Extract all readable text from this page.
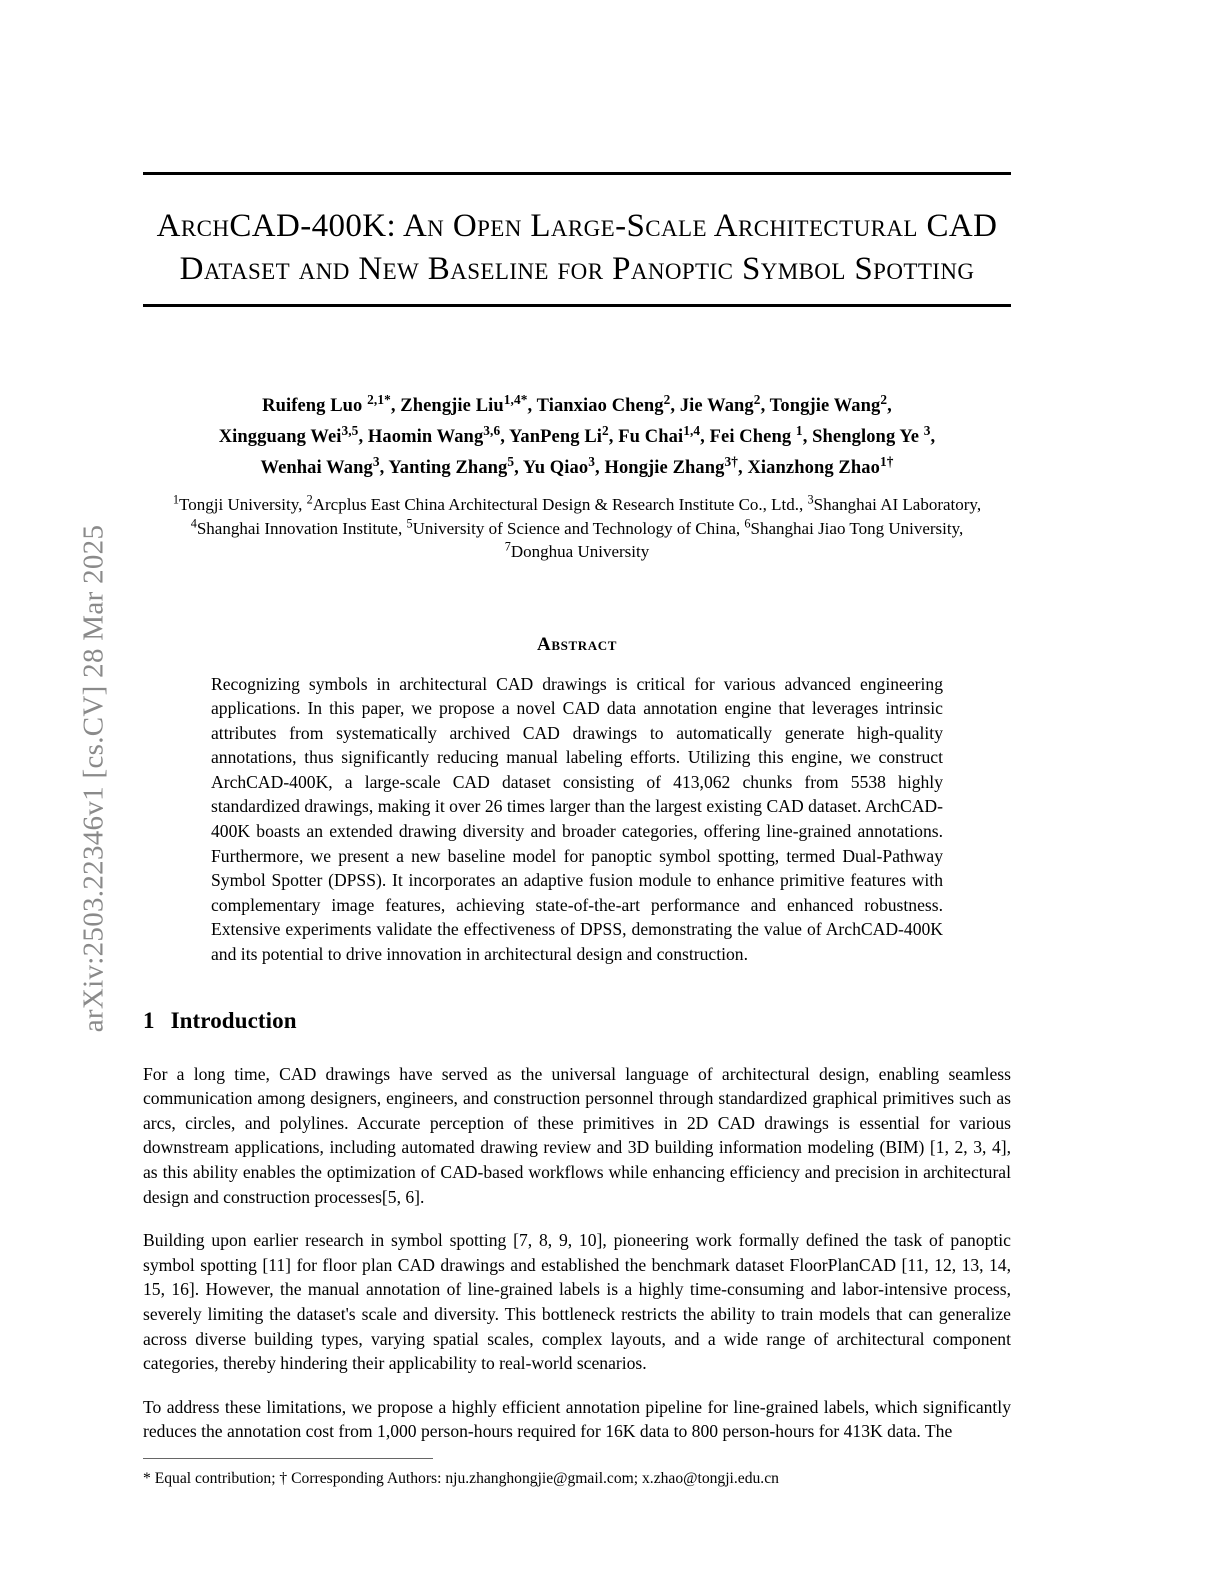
arXiv:2503.22346v1 [cs.CV] 28 Mar 2025
ArchCAD-400K: An Open Large-Scale Architectural CAD Dataset and New Baseline for Panoptic Symbol Spotting
Ruifeng Luo $^{2,1*}$, Zhengjie Liu$^{1,4*}$, Tianxiao Cheng$^2$, Jie Wang$^2$, Tongjie Wang$^2$,
Xingguang Wei$^{3,5}$, Haomin Wang$^{3,6}$, YanPeng Li$^2$, Fu Chai$^{1,4}$, Fei Cheng $^1$, Shenglong Ye $^3$,
Wenhai Wang$^3$, Yanting Zhang$^5$, Yu Qiao$^3$, Hongjie Zhang$^{3\dagger}$, Xianzhong Zhao$^{1\dagger}$
$^1$Tongji University, $^2$Arcplus East China Architectural Design & Research Institute Co., Ltd., $^3$Shanghai AI Laboratory,
$^4$Shanghai Innovation Institute, $^5$University of Science and Technology of China, $^6$Shanghai Jiao Tong University,
$^7$Donghua University
Abstract
Recognizing symbols in architectural CAD drawings is critical for various advanced engineering applications. In this paper, we propose a novel CAD data annotation engine that leverages intrinsic attributes from systematically archived CAD drawings to automatically generate high-quality annotations, thus significantly reducing manual labeling efforts. Utilizing this engine, we construct ArchCAD-400K, a large-scale CAD dataset consisting of 413,062 chunks from 5538 highly standardized drawings, making it over 26 times larger than the largest existing CAD dataset. ArchCAD-400K boasts an extended drawing diversity and broader categories, offering line-grained annotations. Furthermore, we present a new baseline model for panoptic symbol spotting, termed Dual-Pathway Symbol Spotter (DPSS). It incorporates an adaptive fusion module to enhance primitive features with complementary image features, achieving state-of-the-art performance and enhanced robustness. Extensive experiments validate the effectiveness of DPSS, demonstrating the value of ArchCAD-400K and its potential to drive innovation in architectural design and construction.
1 Introduction
For a long time, CAD drawings have served as the universal language of architectural design, enabling seamless communication among designers, engineers, and construction personnel through standardized graphical primitives such as arcs, circles, and polylines. Accurate perception of these primitives in 2D CAD drawings is essential for various downstream applications, including automated drawing review and 3D building information modeling (BIM) [1, 2, 3, 4], as this ability enables the optimization of CAD-based workflows while enhancing efficiency and precision in architectural design and construction processes[5, 6].
Building upon earlier research in symbol spotting [7, 8, 9, 10], pioneering work formally defined the task of panoptic symbol spotting [11] for floor plan CAD drawings and established the benchmark dataset FloorPlanCAD [11, 12, 13, 14, 15, 16]. However, the manual annotation of line-grained labels is a highly time-consuming and labor-intensive process, severely limiting the dataset's scale and diversity. This bottleneck restricts the ability to train models that can generalize across diverse building types, varying spatial scales, complex layouts, and a wide range of architectural component categories, thereby hindering their applicability to real-world scenarios.
To address these limitations, we propose a highly efficient annotation pipeline for line-grained labels, which significantly reduces the annotation cost from 1,000 person-hours required for 16K data to 800 person-hours for 413K data. The
* Equal contribution; † Corresponding Authors: nju.zhanghongjie@gmail.com; x.zhao@tongji.edu.cn
